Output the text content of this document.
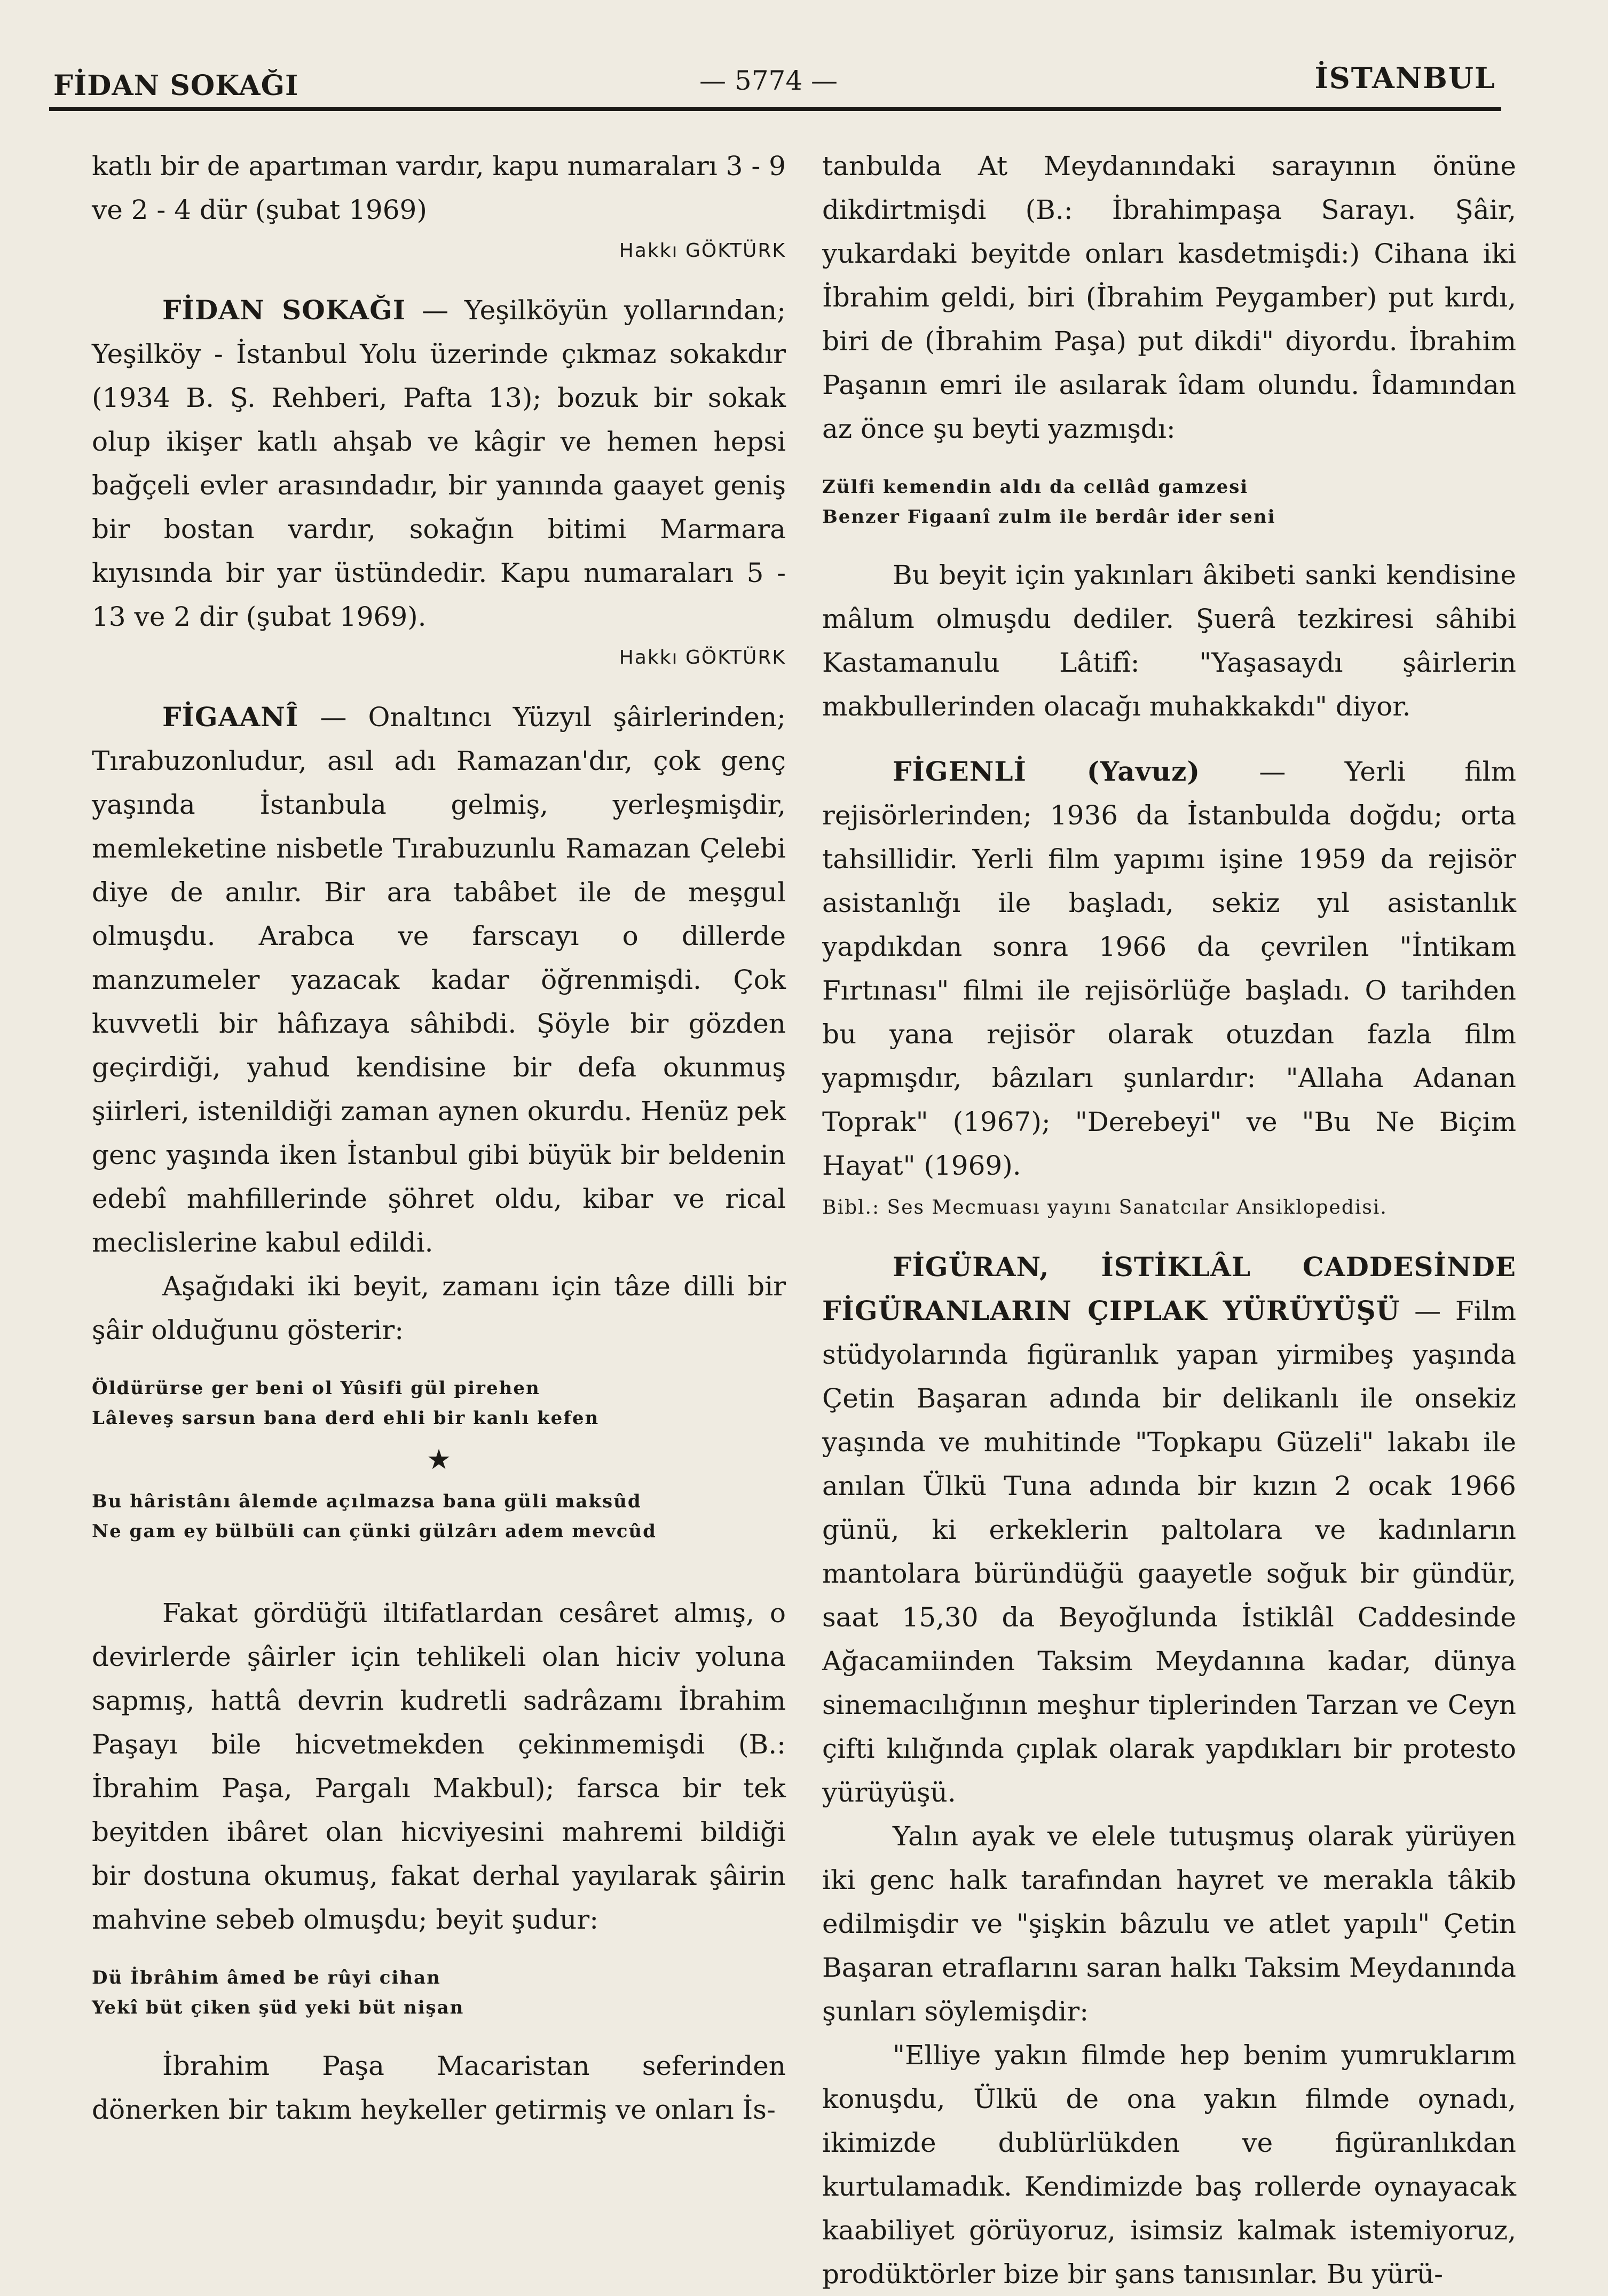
FİDAN SOKAĞI	— 5774 —	İSTANBUL

katlı bir de apartıman vardır, kapu numaraları 3 - 9 ve 2 - 4 dür (şubat 1969)

Hakkı GÖKTÜRK

FİDAN SOKAĞI — Yeşilköyün yollarından; Yeşilköy - İstanbul Yolu üzerinde çıkmaz sokakdır (1934 B. Ş. Rehberi, Pafta 13); bozuk bir sokak olup ikişer katlı ahşab ve kâgir ve hemen hepsi bağçeli evler arasındadır, bir yanında gaayet geniş bir bostan vardır, sokağın bitimi Marmara kıyısında bir yar üstündedir. Kapu numaraları 5 - 13 ve 2 dir (şubat 1969).

Hakkı GÖKTÜRK

FİGAANÎ — Onaltıncı Yüzyıl şâirlerinden; Tırabuzonludur, asıl adı Ramazan'dır, çok genç yaşında İstanbula gelmiş, yerleşmişdir, memleketine nisbetle Tırabuzunlu Ramazan Çelebi diye de anılır. Bir ara tabâbet ile de meşgul olmuşdu. Arabca ve farscayı o dillerde manzumeler yazacak kadar öğrenmişdi. Çok kuvvetli bir hâfızaya sâhibdi. Şöyle bir gözden geçirdiği, yahud kendisine bir defa okunmuş şiirleri, istenildiği zaman aynen okurdu. Henüz pek genc yaşında iken İstanbul gibi büyük bir beldenin edebî mahfillerinde şöhret oldu, kibar ve rical meclislerine kabul edildi.

Aşağıdaki iki beyit, zamanı için tâze dilli bir şâir olduğunu gösterir:

Öldürürse ger beni ol Yûsifi gül pirehen

Lâleveş sarsun bana derd ehli bir kanlı kefen

★

Bu hâristânı âlemde açılmazsa bana güli maksûd

Ne gam ey bülbüli can çünki gülzârı adem mevcûd

Fakat gördüğü iltifatlardan cesâret almış, o devirlerde şâirler için tehlikeli olan hiciv yoluna sapmış, hattâ devrin kudretli sadrâzamı İbrahim Paşayı bile hicvetmekden çekinmemişdi (B.: İbrahim Paşa, Pargalı Makbul); farsca bir tek beyitden ibâret olan hicviyesini mahremi bildiği bir dostuna okumuş, fakat derhal yayılarak şâirin mahvine sebeb olmuşdu; beyit şudur:

Dü İbrâhim âmed be rûyi cihan

Yekî büt çiken şüd yeki büt nişan

İbrahim Paşa Macaristan seferinden dönerken bir takım heykeller getirmiş ve onları İs-

tanbulda At Meydanındaki sarayının önüne dikdirtmişdi (B.: İbrahimpaşa Sarayı. Şâir, yukardaki beyitde onları kasdetmişdi:) Cihana iki İbrahim geldi, biri (İbrahim Peygamber) put kırdı, biri de (İbrahim Paşa) put dikdi" diyordu. İbrahim Paşanın emri ile asılarak îdam olundu. Îdamından az önce şu beyti yazmışdı:

Zülfi kemendin aldı da cellâd gamzesi

Benzer Figaanî zulm ile berdâr ider seni

Bu beyit için yakınları âkibeti sanki kendisine mâlum olmuşdu dediler. Şuerâ tezkiresi sâhibi Kastamanulu Lâtifî: "Yaşasaydı şâirlerin makbullerinden olacağı muhakkakdı" diyor.

FİGENLİ (Yavuz) — Yerli film rejisörlerinden; 1936 da İstanbulda doğdu; orta tahsillidir. Yerli film yapımı işine 1959 da rejisör asistanlığı ile başladı, sekiz yıl asistanlık yapdıkdan sonra 1966 da çevrilen "İntikam Fırtınası" filmi ile rejisörlüğe başladı. O tarihden bu yana rejisör olarak otuzdan fazla film yapmışdır, bâzıları şunlardır: "Allaha Adanan Toprak" (1967); "Derebeyi" ve "Bu Ne Biçim Hayat" (1969).

Bibl.: Ses Mecmuası yayını Sanatcılar Ansiklopedisi.

FİGÜRAN, İSTİKLÂL CADDESİNDE FİGÜRANLARIN ÇIPLAK YÜRÜYÜŞÜ — Film stüdyolarında figüranlık yapan yirmibeş yaşında Çetin Başaran adında bir delikanlı ile onsekiz yaşında ve muhitinde "Topkapu Güzeli" lakabı ile anılan Ülkü Tuna adında bir kızın 2 ocak 1966 günü, ki erkeklerin paltolara ve kadınların mantolara büründüğü gaayetle soğuk bir gündür, saat 15,30 da Beyoğlunda İstiklâl Caddesinde Ağacamiinden Taksim Meydanına kadar, dünya sinemacılığının meşhur tiplerinden Tarzan ve Ceyn çifti kılığında çıplak olarak yapdıkları bir protesto yürüyüşü.

Yalın ayak ve elele tutuşmuş olarak yürüyen iki genc halk tarafından hayret ve merakla tâkib edilmişdir ve "şişkin bâzulu ve atlet yapılı" Çetin Başaran etraflarını saran halkı Taksim Meydanında şunları söylemişdir:

"Elliye yakın filmde hep benim yumruklarım konuşdu, Ülkü de ona yakın filmde oynadı, ikimizde dublürlükden ve figüranlıkdan kurtulamadık. Kendimizde baş rollerde oynayacak kaabiliyet görüyoruz, isimsiz kalmak istemiyoruz, prodüktörler bize bir şans tanısınlar. Bu yürü-
